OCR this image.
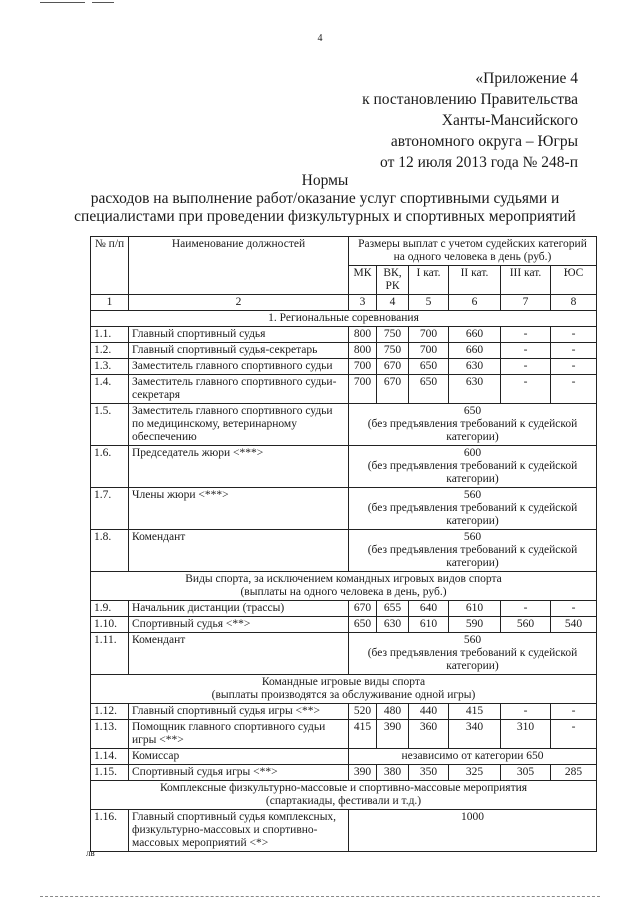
4
«Приложение 4
к постановлению Правительства
Ханты-Мансийского
автономного округа – Югры
от 12 июля 2013 года № 248-п
Нормы
расходов на выполнение работ/оказание услуг спортивными судьями и
специалистами при проведении физкультурных и спортивных мероприятий
№ п/п	Наименование должностей	Размеры выплат с учетом судейских категорий на одного человека в день (руб.)					
		МК	ВК, РК	I кат.	II кат.	III кат.	ЮС
1	2	3	4	5	6	7	8
1. Региональные соревнования							
1.1.	Главный спортивный судья	800	750	700	660	-	-
1.2.	Главный спортивный судья-секретарь	800	750	700	660	-	-
1.3.	Заместитель главного спортивного судьи	700	670	650	630	-	-
1.4.	Заместитель главного спортивного судьи-секретаря	700	670	650	630	-	-
1.5.	Заместитель главного спортивного судьи по медицинскому, ветеринарному обеспечению	650
(без предъявления требований к судейской категории)					

1.6.	Председатель жюри <***>	600
(без предъявления требований к судейской категории)					

1.7.	Члены жюри <***>	560
(без предъявления требований к судейской категории)					

1.8.	Комендант	560
(без предъявления требований к судейской категории)					

Виды спорта, за исключением командных игровых видов спорта
(выплаты на одного человека в день, руб.)							

1.9.	Начальник дистанции (трассы)	670	655	640	610	-	-
1.10.	Спортивный судья <**>	650	630	610	590	560	540
1.11.	Комендант	560
(без предъявления требований к судейской категории)					

Командные игровые виды спорта
(выплаты производятся за обслуживание одной игры)							

1.12.	Главный спортивный судья игры <**>	520	480	440	415	-	-
1.13.	Помощник главного спортивного судьи игры <**>	415	390	360	340	310	-
1.14.	Комиссар	независимо от категории 650					
1.15.	Спортивный судья игры <**>	390	380	350	325	305	285

Комплексные физкультурно-массовые и спортивно-массовые мероприятия
(спартакиады, фестивали и т.д.)							

1.16.	Главный спортивный судья комплексных, физкультурно-массовых и спортивно-массовых мероприятий <*>	1000					
лв
